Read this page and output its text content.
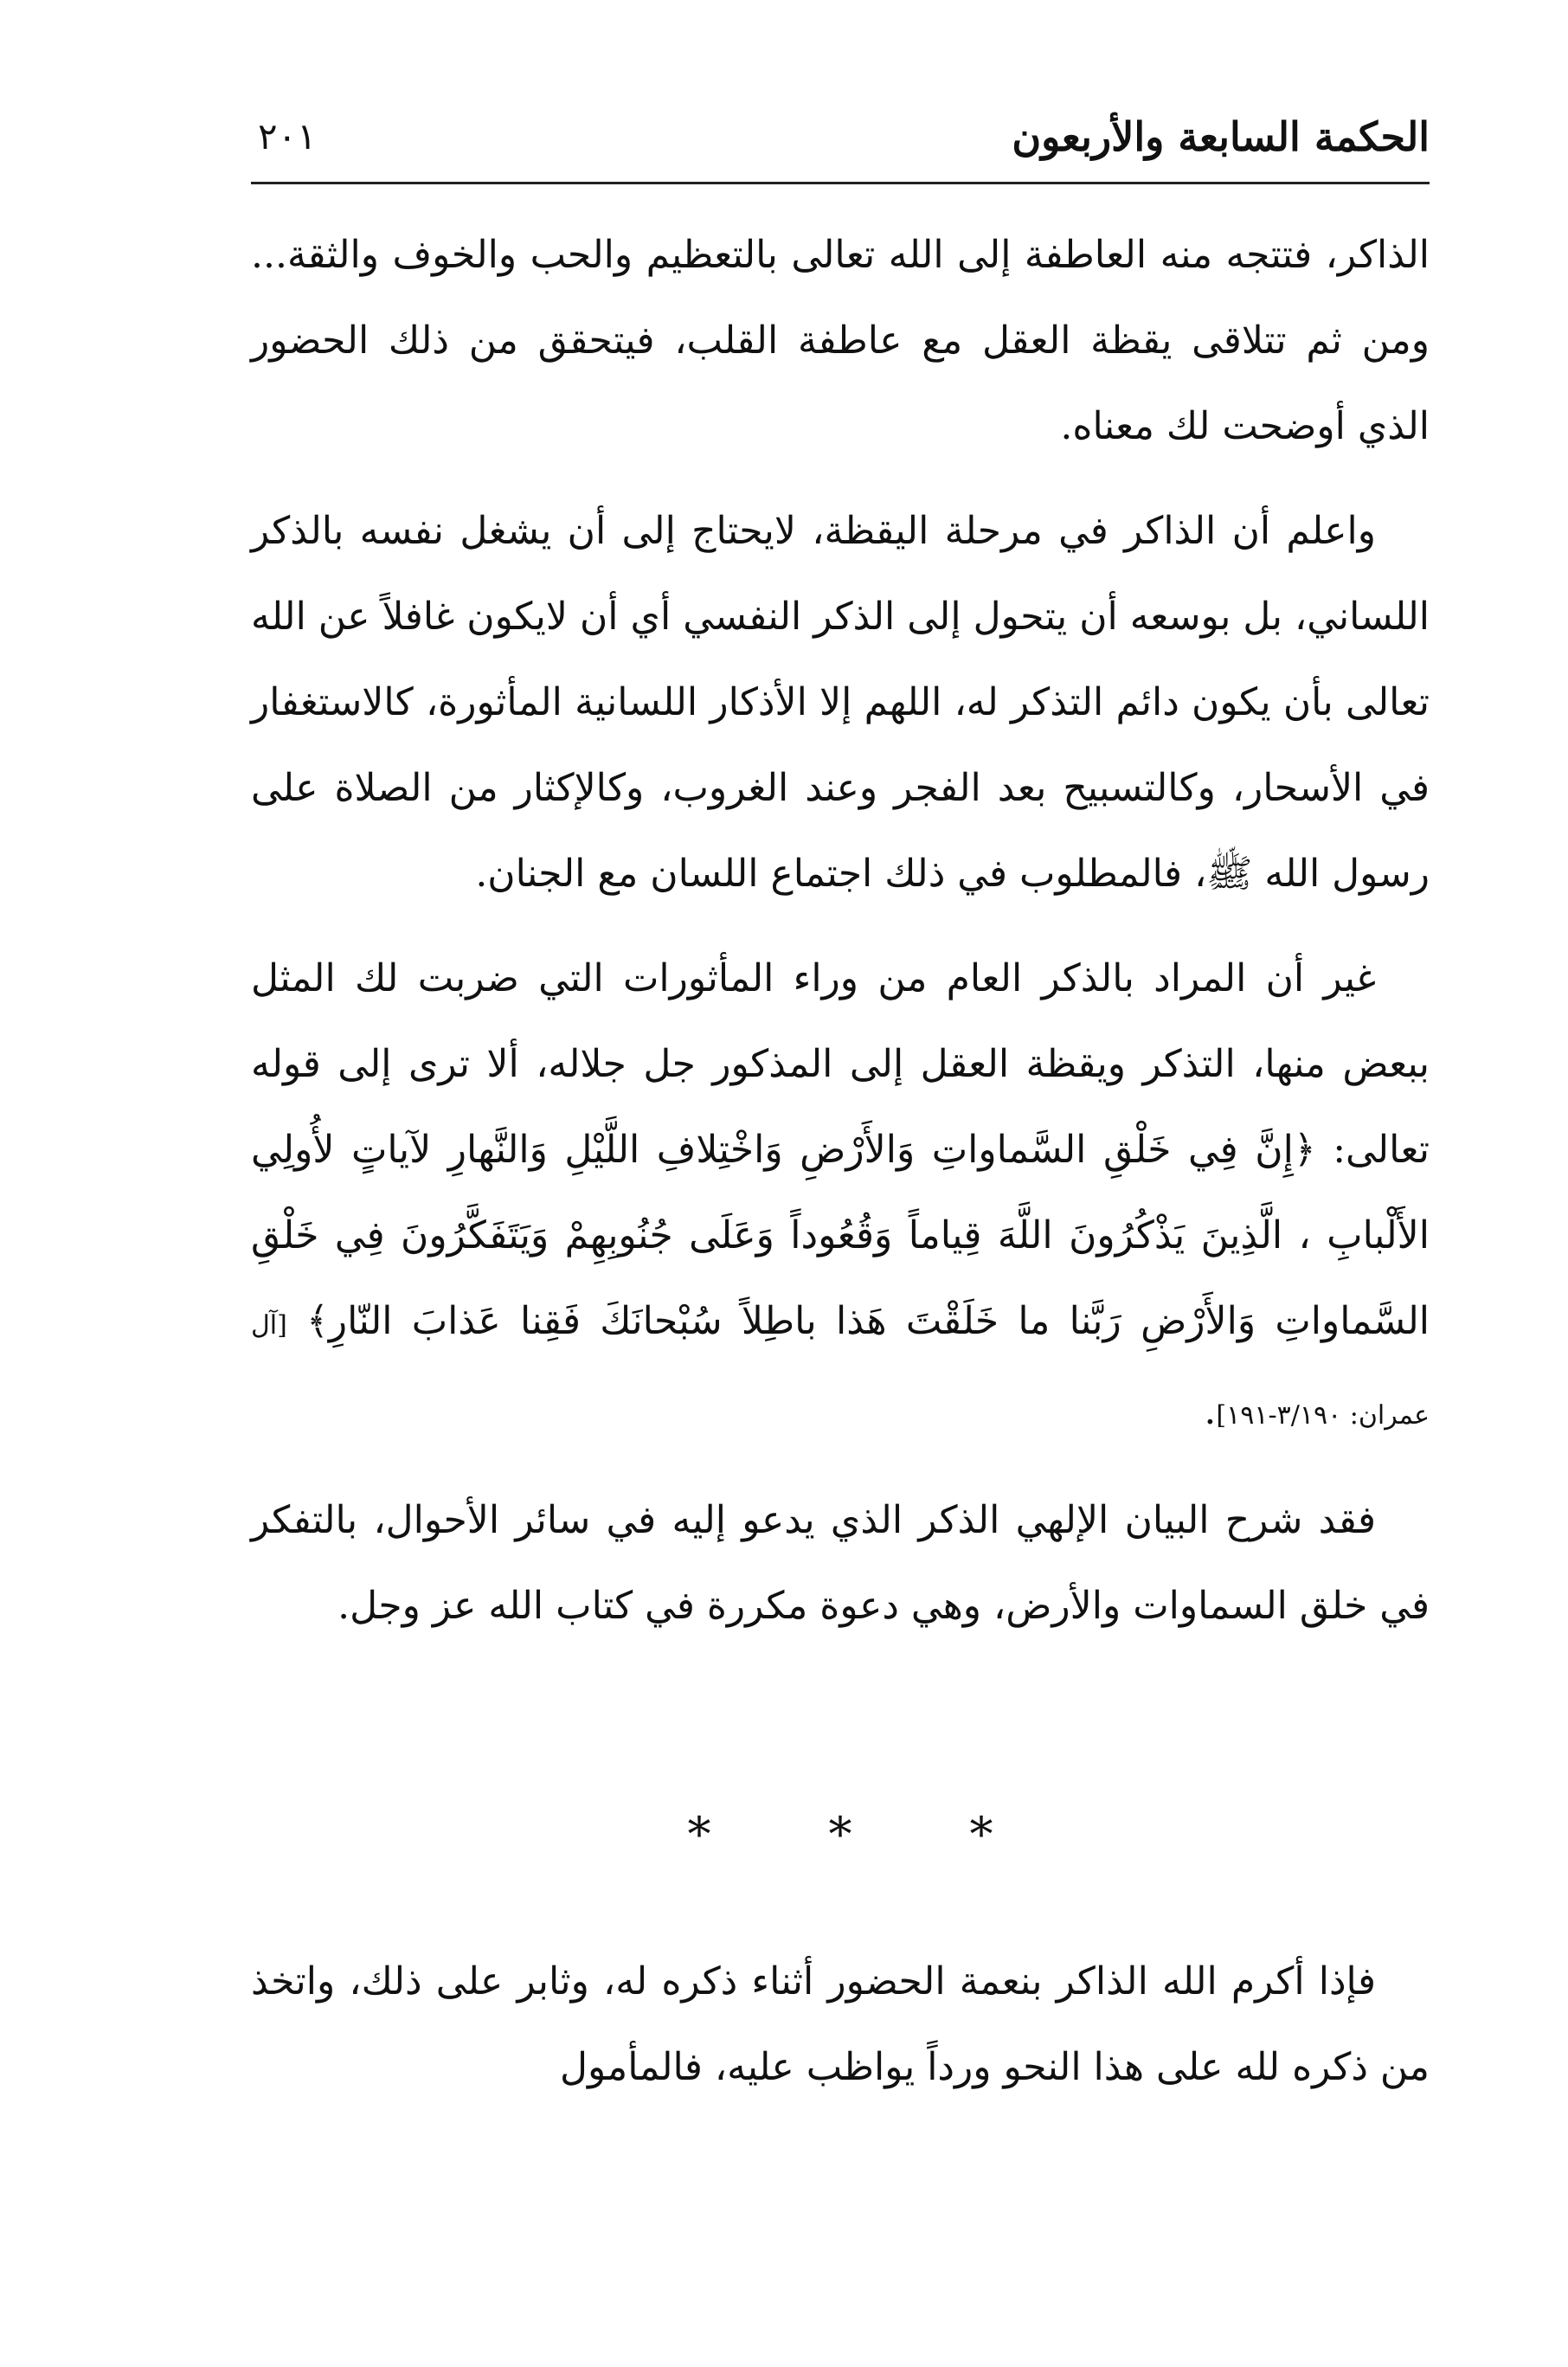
الحكمة السابعة والأربعون
٢٠١

الذاكر، فتتجه منه العاطفة إلى الله تعالى بالتعظيم والحب والخوف والثقة... ومن ثم تتلاقى يقظة العقل مع عاطفة القلب، فيتحقق من ذلك الحضور الذي أوضحت لك معناه.

واعلم أن الذاكر في مرحلة اليقظة، لايحتاج إلى أن يشغل نفسه بالذكر اللساني، بل بوسعه أن يتحول إلى الذكر النفسي أي أن لايكون غافلاً عن الله تعالى بأن يكون دائم التذكر له، اللهم إلا الأذكار اللسانية المأثورة، كالاستغفار في الأسحار، وكالتسبيح بعد الفجر وعند الغروب، وكالإكثار من الصلاة على رسول الله ﷺ، فالمطلوب في ذلك اجتماع اللسان مع الجنان.

غير أن المراد بالذكر العام من وراء المأثورات التي ضربت لك المثل ببعض منها، التذكر ويقظة العقل إلى المذكور جل جلاله، ألا ترى إلى قوله تعالى: ﴿إِنَّ فِي خَلْقِ السَّماواتِ وَالأَرْضِ وَاخْتِلافِ اللَّيْلِ وَالنَّهارِ لآياتٍ لأُولِي الأَلْبابِ ، الَّذِينَ يَذْكُرُونَ اللَّهَ قِياماً وَقُعُوداً وَعَلَى جُنُوبِهِمْ وَيَتَفَكَّرُونَ فِي خَلْقِ السَّماواتِ وَالأَرْضِ رَبَّنا ما خَلَقْتَ هَذا باطِلاً سُبْحانَكَ فَقِنا عَذابَ النّارِ﴾ [آل عمران: ٣/١٩٠-١٩١].

فقد شرح البيان الإلهي الذكر الذي يدعو إليه في سائر الأحوال، بالتفكر في خلق السماوات والأرض، وهي دعوة مكررة في كتاب الله عز وجل.

*	*	*

فإذا أكرم الله الذاكر بنعمة الحضور أثناء ذكره له، وثابر على ذلك، واتخذ من ذكره لله على هذا النحو ورداً يواظب عليه، فالمأمول
